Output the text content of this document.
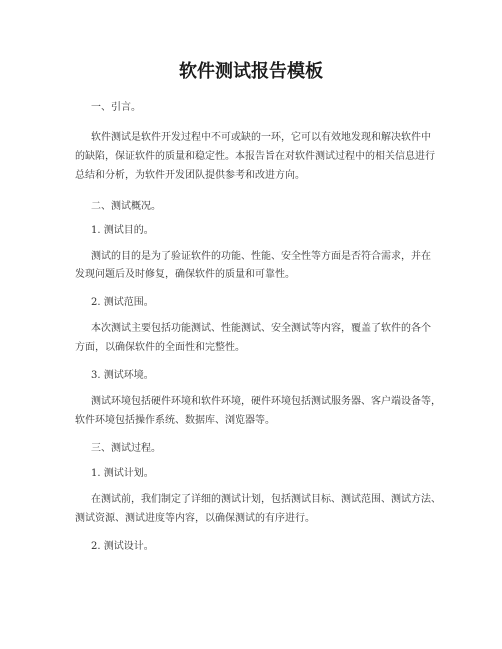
软件测试报告模板

一、引言。

软件测试是软件开发过程中不可或缺的一环，它可以有效地发现和解决软件中

的缺陷，保证软件的质量和稳定性。本报告旨在对软件测试过程中的相关信息进行
总结和分析，为软件开发团队提供参考和改进方向。

二、测试概况。

1. 测试目的。

测试的目的是为了验证软件的功能、性能、安全性等方面是否符合需求，并在

发现问题后及时修复，确保软件的质量和可靠性。

2. 测试范围。

本次测试主要包括功能测试、性能测试、安全测试等内容，覆盖了软件的各个

方面，以确保软件的全面性和完整性。

3. 测试环境。

测试环境包括硬件环境和软件环境，硬件环境包括测试服务器、客户端设备等，

软件环境包括操作系统、数据库、浏览器等。

三、测试过程。

1. 测试计划。

在测试前，我们制定了详细的测试计划，包括测试目标、测试范围、测试方法、

测试资源、测试进度等内容，以确保测试的有序进行。

2. 测试设计。
